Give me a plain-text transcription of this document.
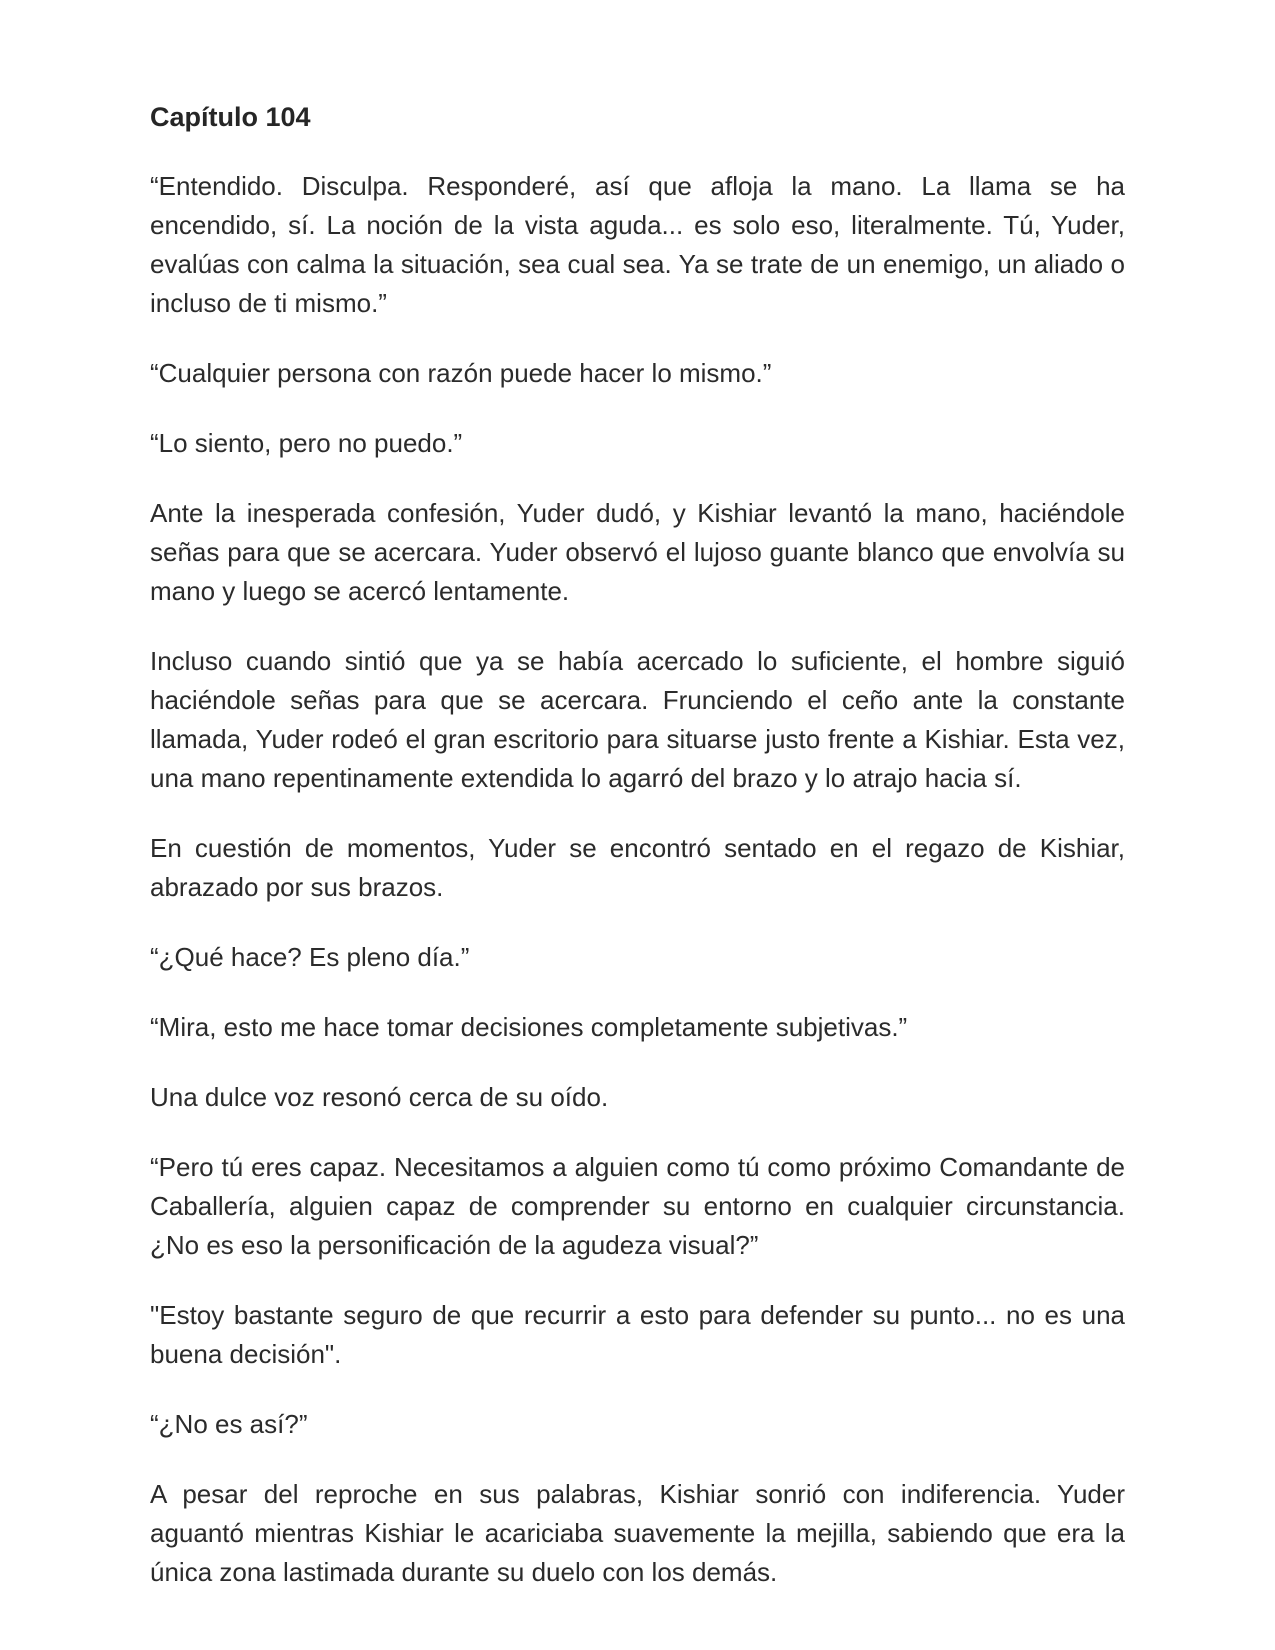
Capítulo 104

“Entendido. Disculpa. Responderé, así que afloja la mano. La llama se ha encendido, sí. La noción de la vista aguda... es solo eso, literalmente. Tú, Yuder, evalúas con calma la situación, sea cual sea. Ya se trate de un enemigo, un aliado o incluso de ti mismo.”

“Cualquier persona con razón puede hacer lo mismo.”

“Lo siento, pero no puedo.”

Ante la inesperada confesión, Yuder dudó, y Kishiar levantó la mano, haciéndole señas para que se acercara. Yuder observó el lujoso guante blanco que envolvía su mano y luego se acercó lentamente.

Incluso cuando sintió que ya se había acercado lo suficiente, el hombre siguió haciéndole señas para que se acercara. Frunciendo el ceño ante la constante llamada, Yuder rodeó el gran escritorio para situarse justo frente a Kishiar. Esta vez, una mano repentinamente extendida lo agarró del brazo y lo atrajo hacia sí.

En cuestión de momentos, Yuder se encontró sentado en el regazo de Kishiar, abrazado por sus brazos.

“¿Qué hace? Es pleno día.”

“Mira, esto me hace tomar decisiones completamente subjetivas.”

Una dulce voz resonó cerca de su oído.

“Pero tú eres capaz. Necesitamos a alguien como tú como próximo Comandante de Caballería, alguien capaz de comprender su entorno en cualquier circunstancia. ¿No es eso la personificación de la agudeza visual?”

"Estoy bastante seguro de que recurrir a esto para defender su punto... no es una buena decisión".

“¿No es así?”

A pesar del reproche en sus palabras, Kishiar sonrió con indiferencia. Yuder aguantó mientras Kishiar le acariciaba suavemente la mejilla, sabiendo que era la única zona lastimada durante su duelo con los demás.
